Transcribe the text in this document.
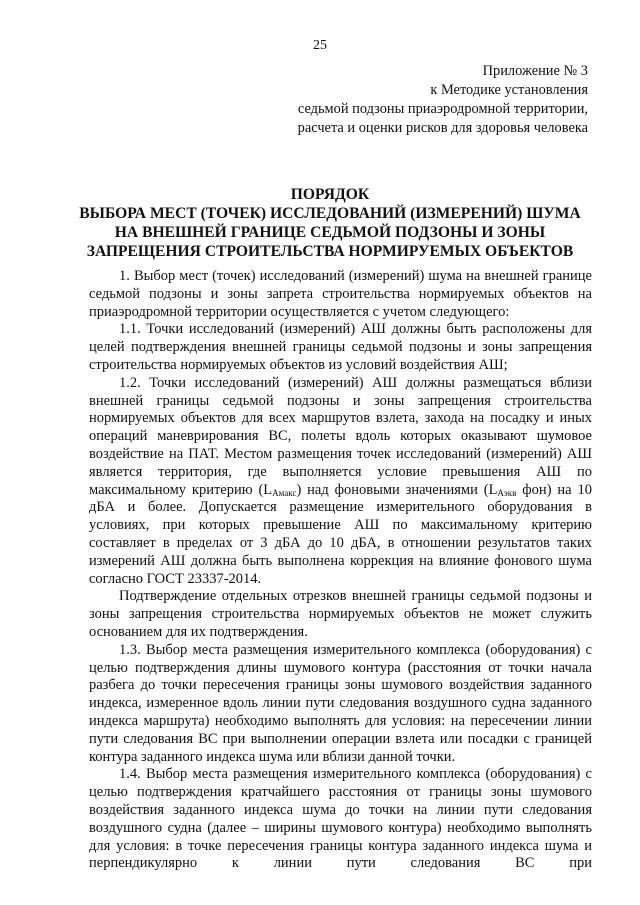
25
Приложение № 3
к Методике установления
седьмой подзоны приаэродромной территории,
расчета и оценки рисков для здоровья человека
ПОРЯДОК
ВЫБОРА МЕСТ (ТОЧЕК) ИССЛЕДОВАНИЙ (ИЗМЕРЕНИЙ) ШУМА
НА ВНЕШНЕЙ ГРАНИЦЕ СЕДЬМОЙ ПОДЗОНЫ И ЗОНЫ
ЗАПРЕЩЕНИЯ СТРОИТЕЛЬСТВА НОРМИРУЕМЫХ ОБЪЕКТОВ

1. Выбор мест (точек) исследований (измерений) шума на внешней границе седьмой подзоны и зоны запрета строительства нормируемых объектов на приаэродромной территории осуществляется с учетом следующего:

1.1. Точки исследований (измерений) АШ должны быть расположены для целей подтверждения внешней границы седьмой подзоны и зоны запрещения строительства нормируемых объектов из условий воздействия АШ;

1.2. Точки исследований (измерений) АШ должны размещаться вблизи внешней границы седьмой подзоны и зоны запрещения строительства нормируемых объектов для всех маршрутов взлета, захода на посадку и иных операций маневрирования ВС, полеты вдоль которых оказывают шумовое воздействие на ПАТ. Местом размещения точек исследований (измерений) АШ является территория, где выполняется условие превышения АШ по максимальному критерию $(L_{Aмакс})$ над фоновыми значениями ($L_{Aэкв}$ фон) на 10 дБА и более. Допускается размещение измерительного оборудования в условиях, при которых превышение АШ по максимальному критерию составляет в пределах от 3 дБА до 10 дБА, в отношении результатов таких измерений АШ должна быть выполнена коррекция на влияние фонового шума согласно ГОСТ 23337-2014.

Подтверждение отдельных отрезков внешней границы седьмой подзоны и зоны запрещения строительства нормируемых объектов не может служить основанием для их подтверждения.

1.3. Выбор места размещения измерительного комплекса (оборудования) с целью подтверждения длины шумового контура (расстояния от точки начала разбега до точки пересечения границы зоны шумового воздействия заданного индекса, измеренное вдоль линии пути следования воздушного судна заданного индекса маршрута) необходимо выполнять для условия: на пересечении линии пути следования ВС при выполнении операции взлета или посадки с границей контура заданного индекса шума или вблизи данной точки.

1.4. Выбор места размещения измерительного комплекса (оборудования) с целью подтверждения кратчайшего расстояния от границы зоны шумового воздействия заданного индекса шума до точки на линии пути следования воздушного судна (далее – ширины шумового контура) необходимо выполнять для условия: в точке пересечения границы контура заданного индекса шума и перпендикулярно к линии пути следования ВС при
